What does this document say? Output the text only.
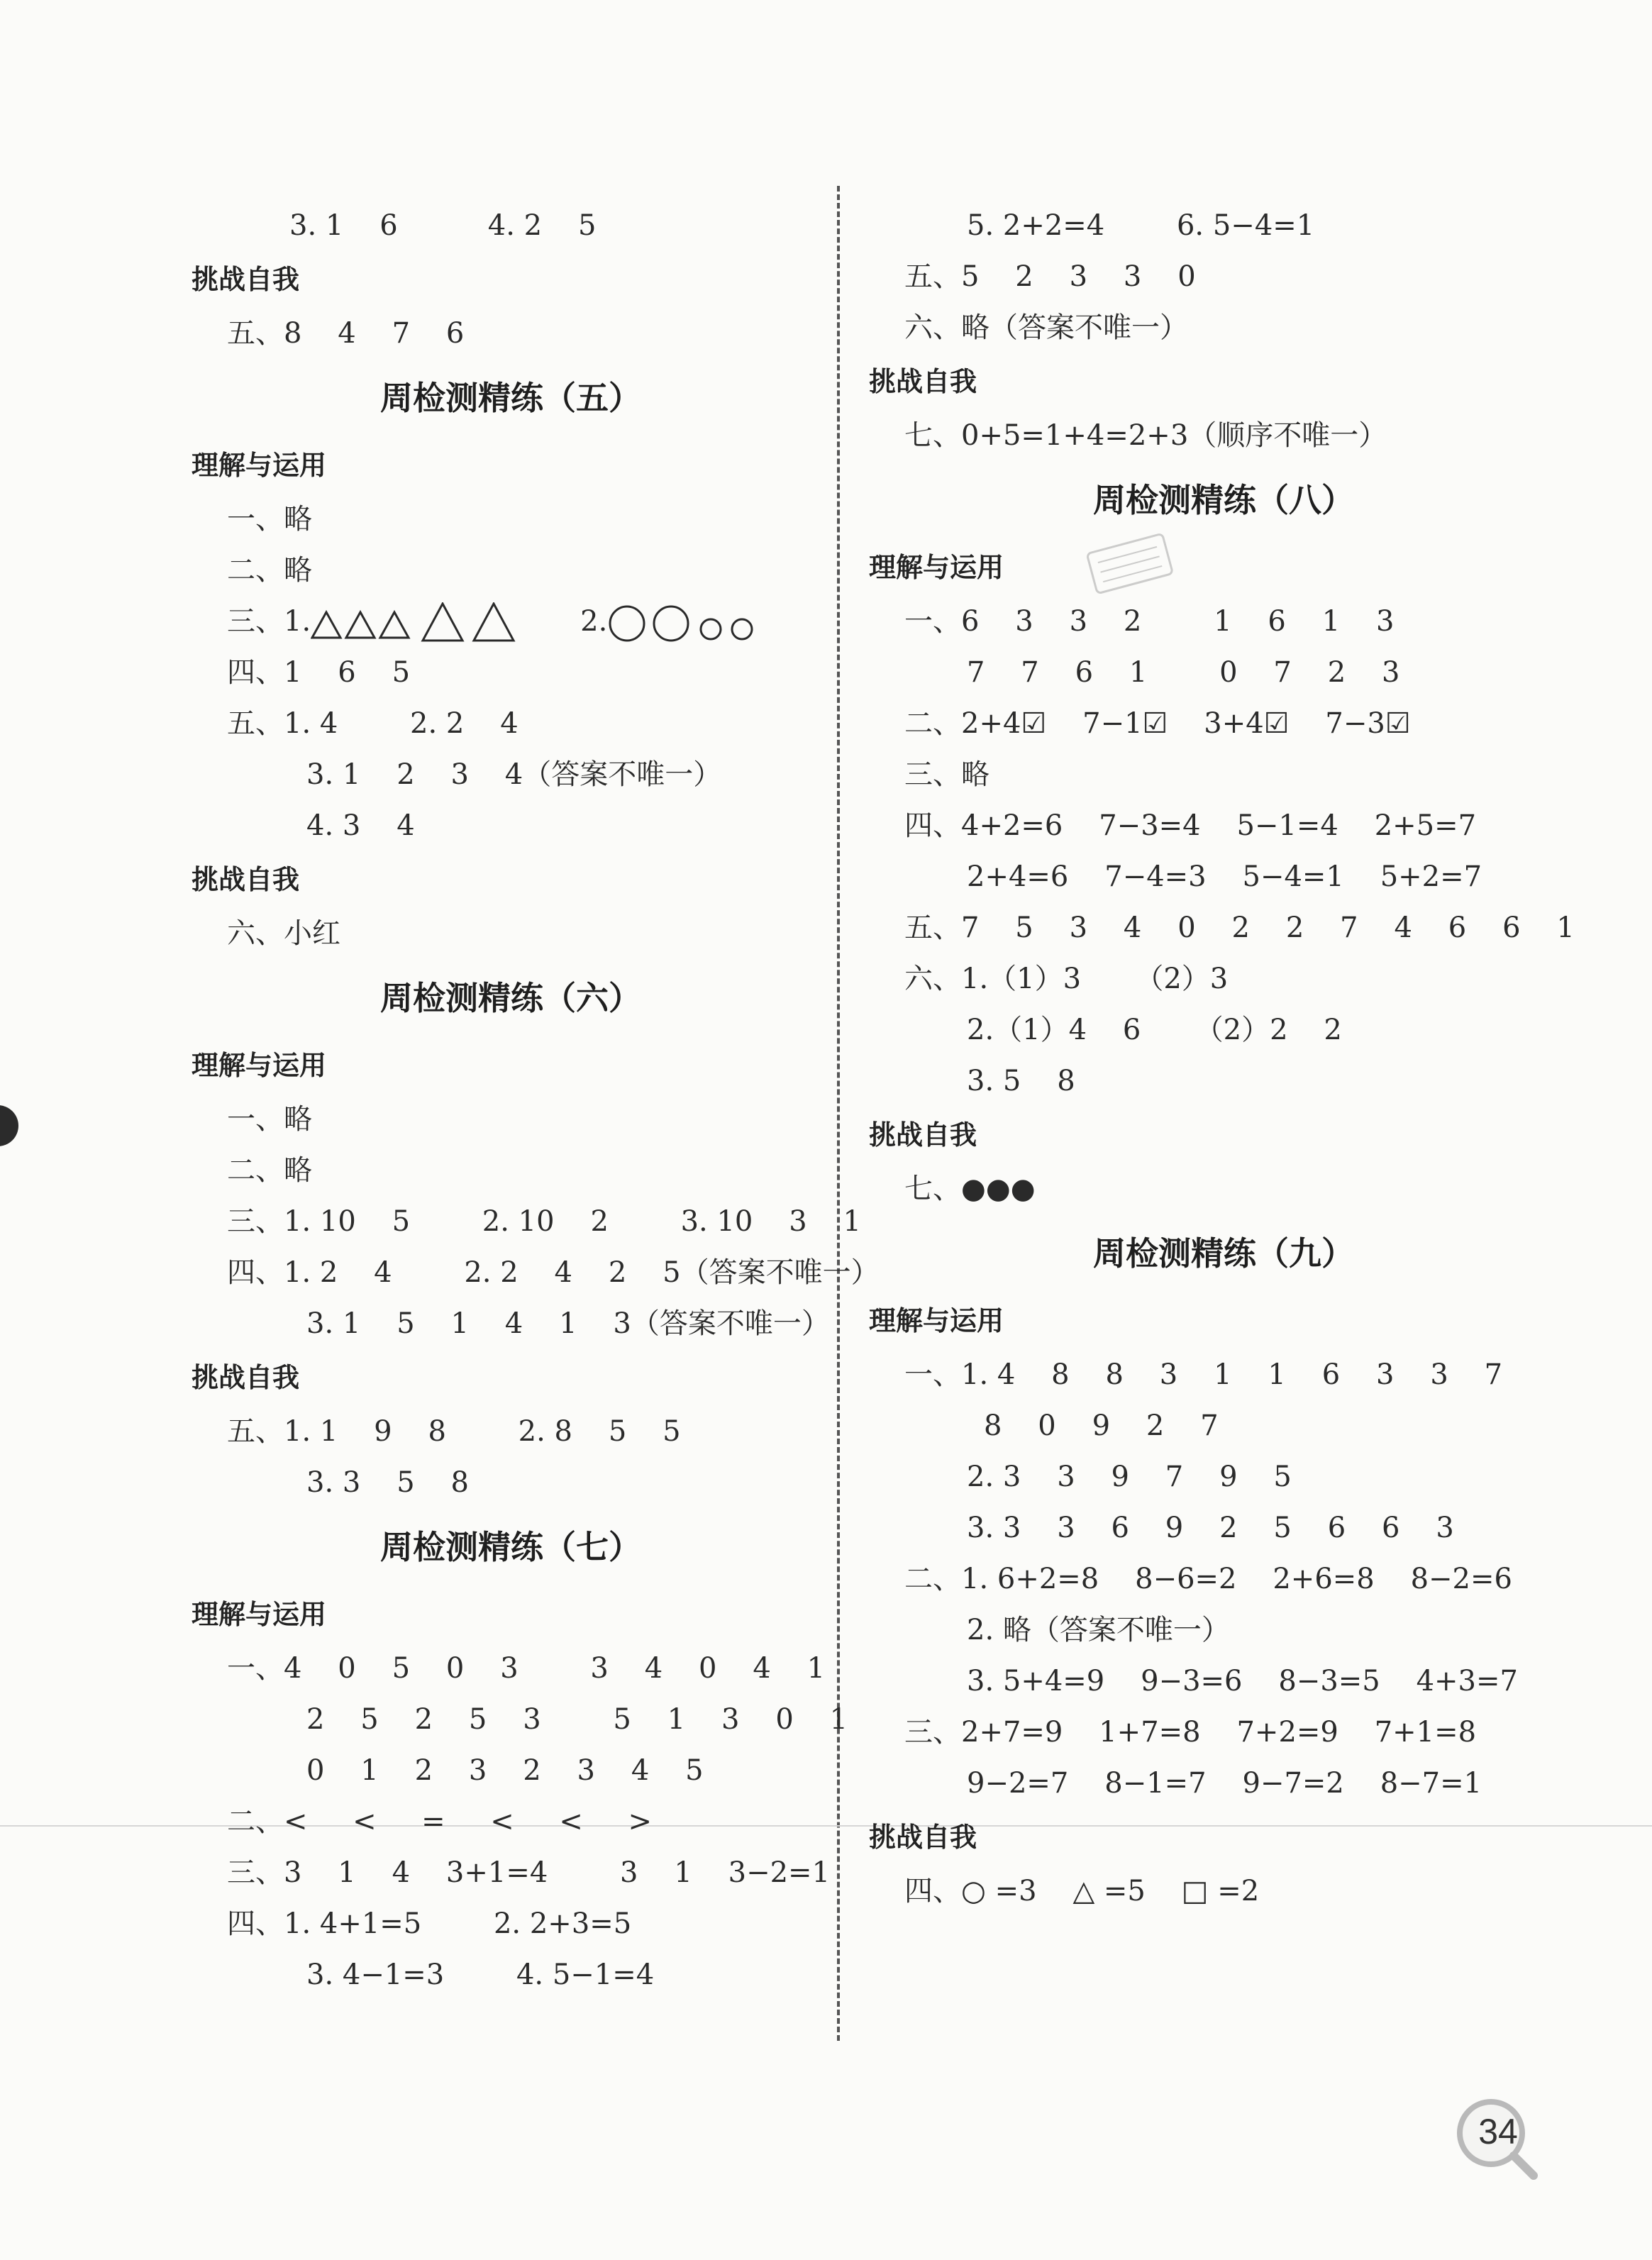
3. 1    6          4. 2    5

挑战自我

五、8    4    7    6

周检测精练（五）

理解与运用

一、略

二、略

三、1.	2.

四、1    6    5

五、1. 4        2. 2    4

3. 1    2    3    4（答案不唯一）

4. 3    4

挑战自我

六、小红

周检测精练（六）

理解与运用

一、略

二、略

三、1. 10    5        2. 10    2        3. 10    3    1

四、1. 2    4        2. 2    4    2    5（答案不唯一）

3. 1    5    1    4    1    3（答案不唯一）

挑战自我

五、1. 1    9    8        2. 8    5    5

3. 3    5    8

周检测精练（七）

理解与运用

一、4    0    5    0    3        3    4    0    4    1

2    5    2    5    3        5    1    3    0    1

0    1    2    3    2    3    4    5

二、<     <     =     <     <     >

三、3    1    4    3+1=4        3    1    3−2=1

四、1. 4+1=5        2. 2+3=5

3. 4−1=3        4. 5−1=4

5. 2+2=4        6. 5−4=1

五、5    2    3    3    0

六、略（答案不唯一）

挑战自我

七、0+5=1+4=2+3（顺序不唯一）

周检测精练（八）

理解与运用

一、6    3    3    2        1    6    1    3

7    7    6    1        0    7    2    3

二、2+4☑    7−1☑    3+4☑    7−3☑

三、略

四、4+2=6    7−3=4    5−1=4    2+5=7

2+4=6    7−4=3    5−4=1    5+2=7

五、7    5    3    4    0    2    2    7    4    6    6    1

六、1.（1）3      （2）3

2.（1）4    6      （2）2    2

3. 5    8

挑战自我

七、●●●

周检测精练（九）

理解与运用

一、1. 4    8    8    3    1    1    6    3    3    7

8    0    9    2    7

2. 3    3    9    7    9    5

3. 3    3    6    9    2    5    6    6    3

二、1. 6+2=8    8−6=2    2+6=8    8−2=6

2. 略（答案不唯一）

3. 5+4=9    9−3=6    8−3=5    4+3=7

三、2+7=9    1+7=8    7+2=9    7+1=8

9−2=7    8−1=7    9−7=2    8−7=1

挑战自我

四、○ =3    △ =5    □ =2

34
